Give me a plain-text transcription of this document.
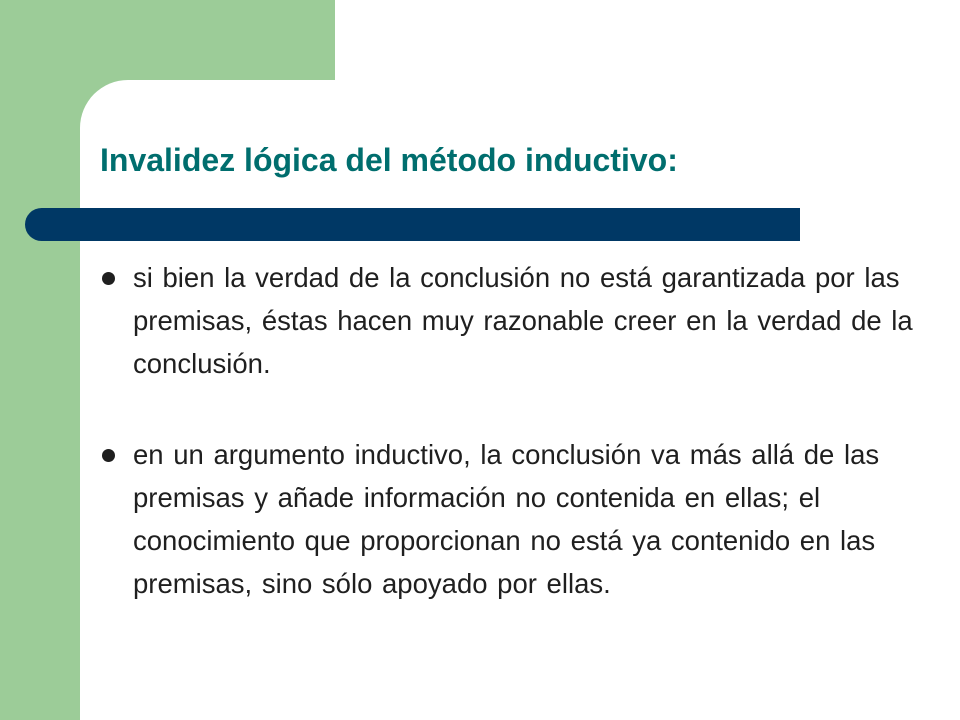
Invalidez lógica del método inductivo:
si bien la verdad de la conclusión no está garantizada por las premisas, éstas hacen muy razonable creer en la verdad de la conclusión.
en un argumento inductivo, la conclusión va más allá de las premisas y añade información no contenida en ellas; el conocimiento que proporcionan no está ya contenido en las premisas, sino sólo apoyado por ellas.
